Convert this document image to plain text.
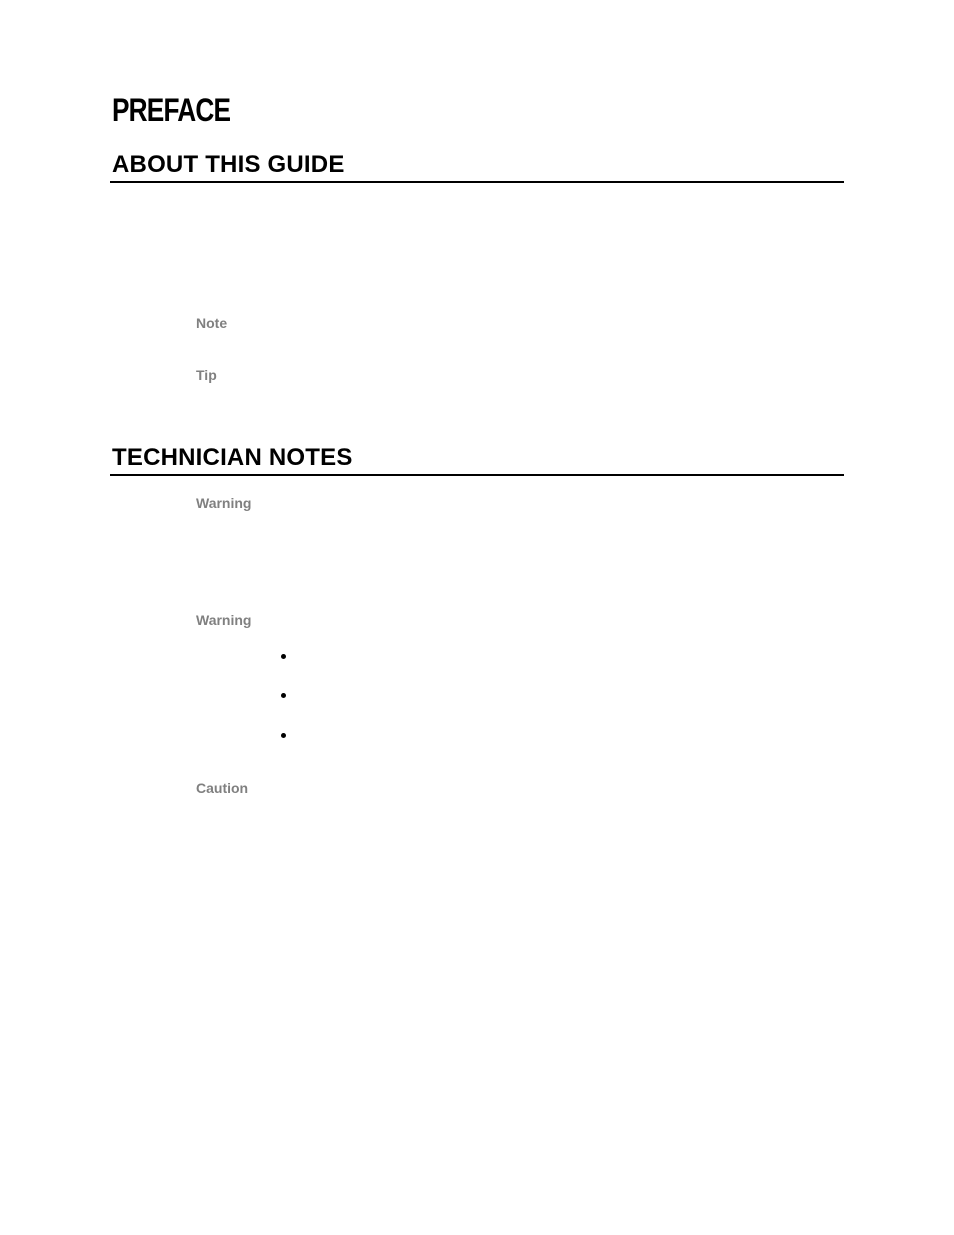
PREFACE
ABOUT THIS GUIDE
Note
Tip
TECHNICIAN NOTES
Warning
Warning
Caution
